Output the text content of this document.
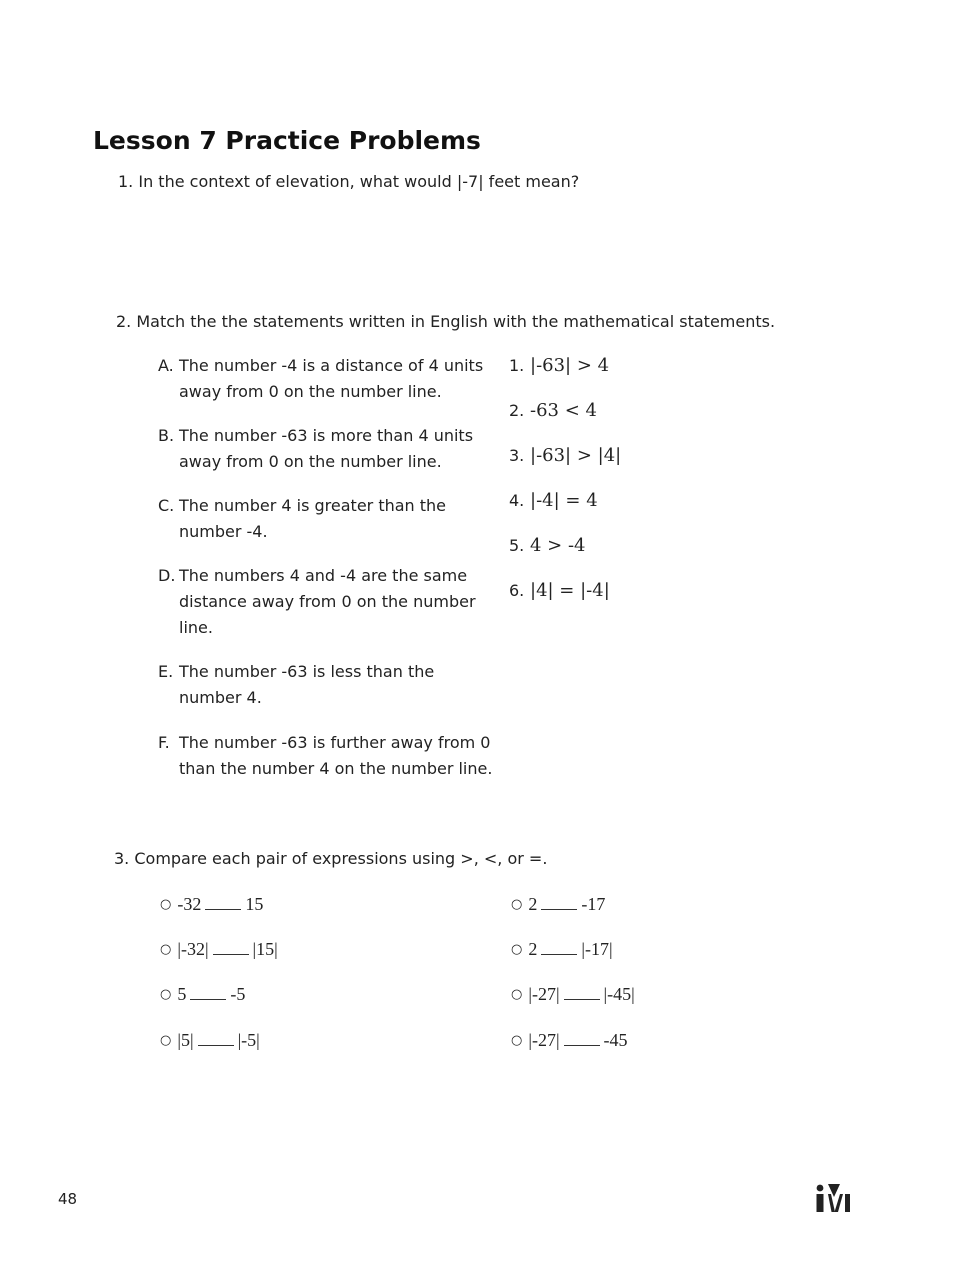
Lesson 7 Practice Problems
1. In the context of elevation, what would |-7| feet mean?
2. Match the the statements written in English with the mathematical statements.
A. The number -4 is a distance of 4 units away from 0 on the number line.
B. The number -63 is more than 4 units away from 0 on the number line.
C. The number 4 is greater than the number -4.
D. The numbers 4 and -4 are the same distance away from 0 on the number line.
E. The number -63 is less than the number 4.
F. The number -63 is further away from 0 than the number 4 on the number line.
1. |-63| > 4
2. -63 < 4
3. |-63| > |4|
4. |-4| = 4
5. 4 > -4
6. |4| = |-4|
3. Compare each pair of expressions using >, <, or =.
○ -32 15
○ |-32| |15|
○ 5 -5
○ |5| |-5|
○ 2 -17
○ 2 |-17|
○ |-27| |-45|
○ |-27| -45
48
